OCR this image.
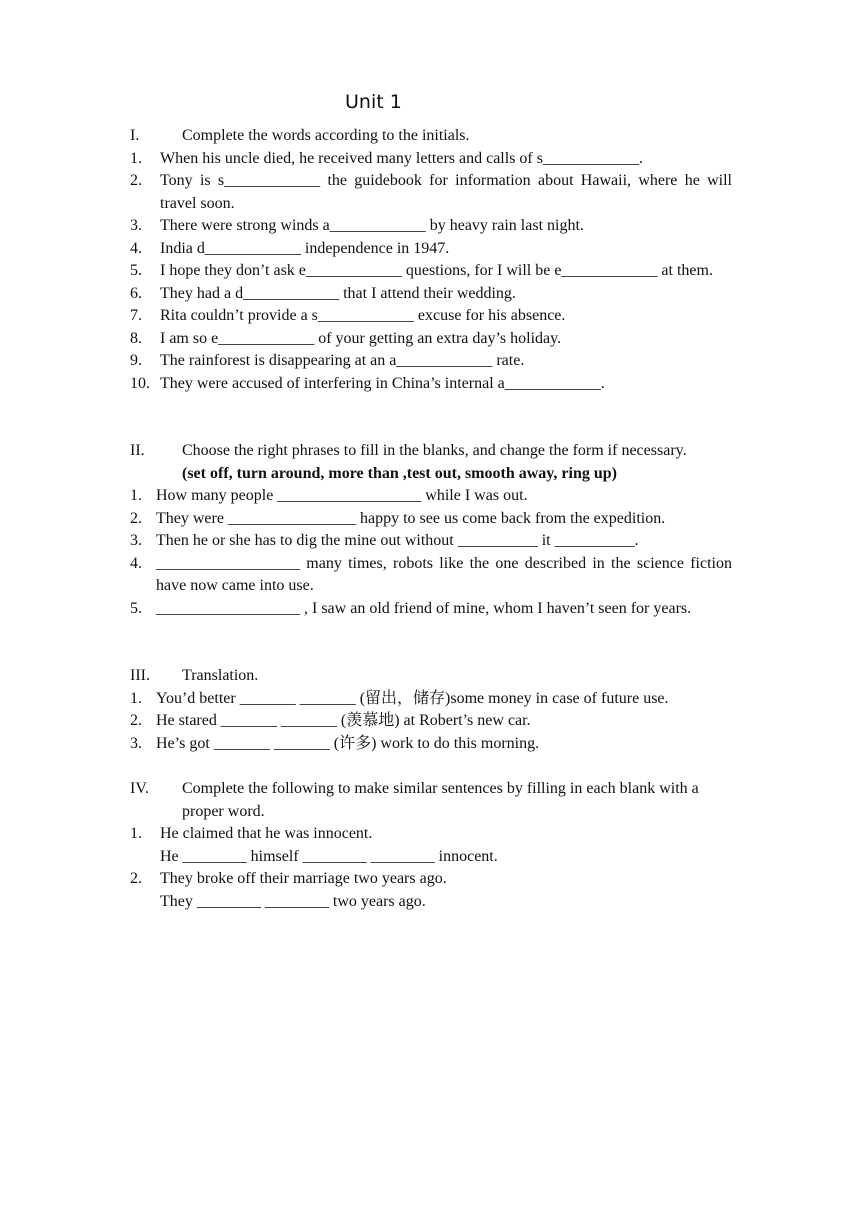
Unit 1
I.	Complete the words according to the initials.
1. When his uncle died, he received many letters and calls of s____________.
2. Tony is s____________ the guidebook for information about Hawaii, where he will travel soon.
3. There were strong winds a____________ by heavy rain last night.
4. India d____________ independence in 1947.
5. I hope they don’t ask e____________ questions, for I will be e____________ at them.
6. They had a d____________ that I attend their wedding.
7. Rita couldn’t provide a s____________ excuse for his absence.
8. I am so e____________ of your getting an extra day’s holiday.
9. The rainforest is disappearing at an a____________ rate.
10. They were accused of interfering in China’s internal a____________.
II. Choose the right phrases to fill in the blanks, and change the form if necessary.
(set off, turn around, more than ,test out, smooth away, ring up)
1. How many people __________________ while I was out.
2. They were ________________ happy to see us come back from the expedition.
3. Then he or she has to dig the mine out without __________ it __________.
4. __________________ many times, robots like the one described in the science fiction have now came into use.
5. __________________ , I saw an old friend of mine, whom I haven’t seen for years.
III. Translation.
1. You’d better _______ _______ (留出，储存)some money in case of future use.
2. He stared _______ _______ (羡慕地) at Robert’s new car.
3. He’s got _______ _______ (许多) work to do this morning.
IV. Complete the following to make similar sentences by filling in each blank with a proper word.
1. He claimed that he was innocent.
He ________ himself ________ ________ innocent.
2. They broke off their marriage two years ago.
They ________ ________ two years ago.
